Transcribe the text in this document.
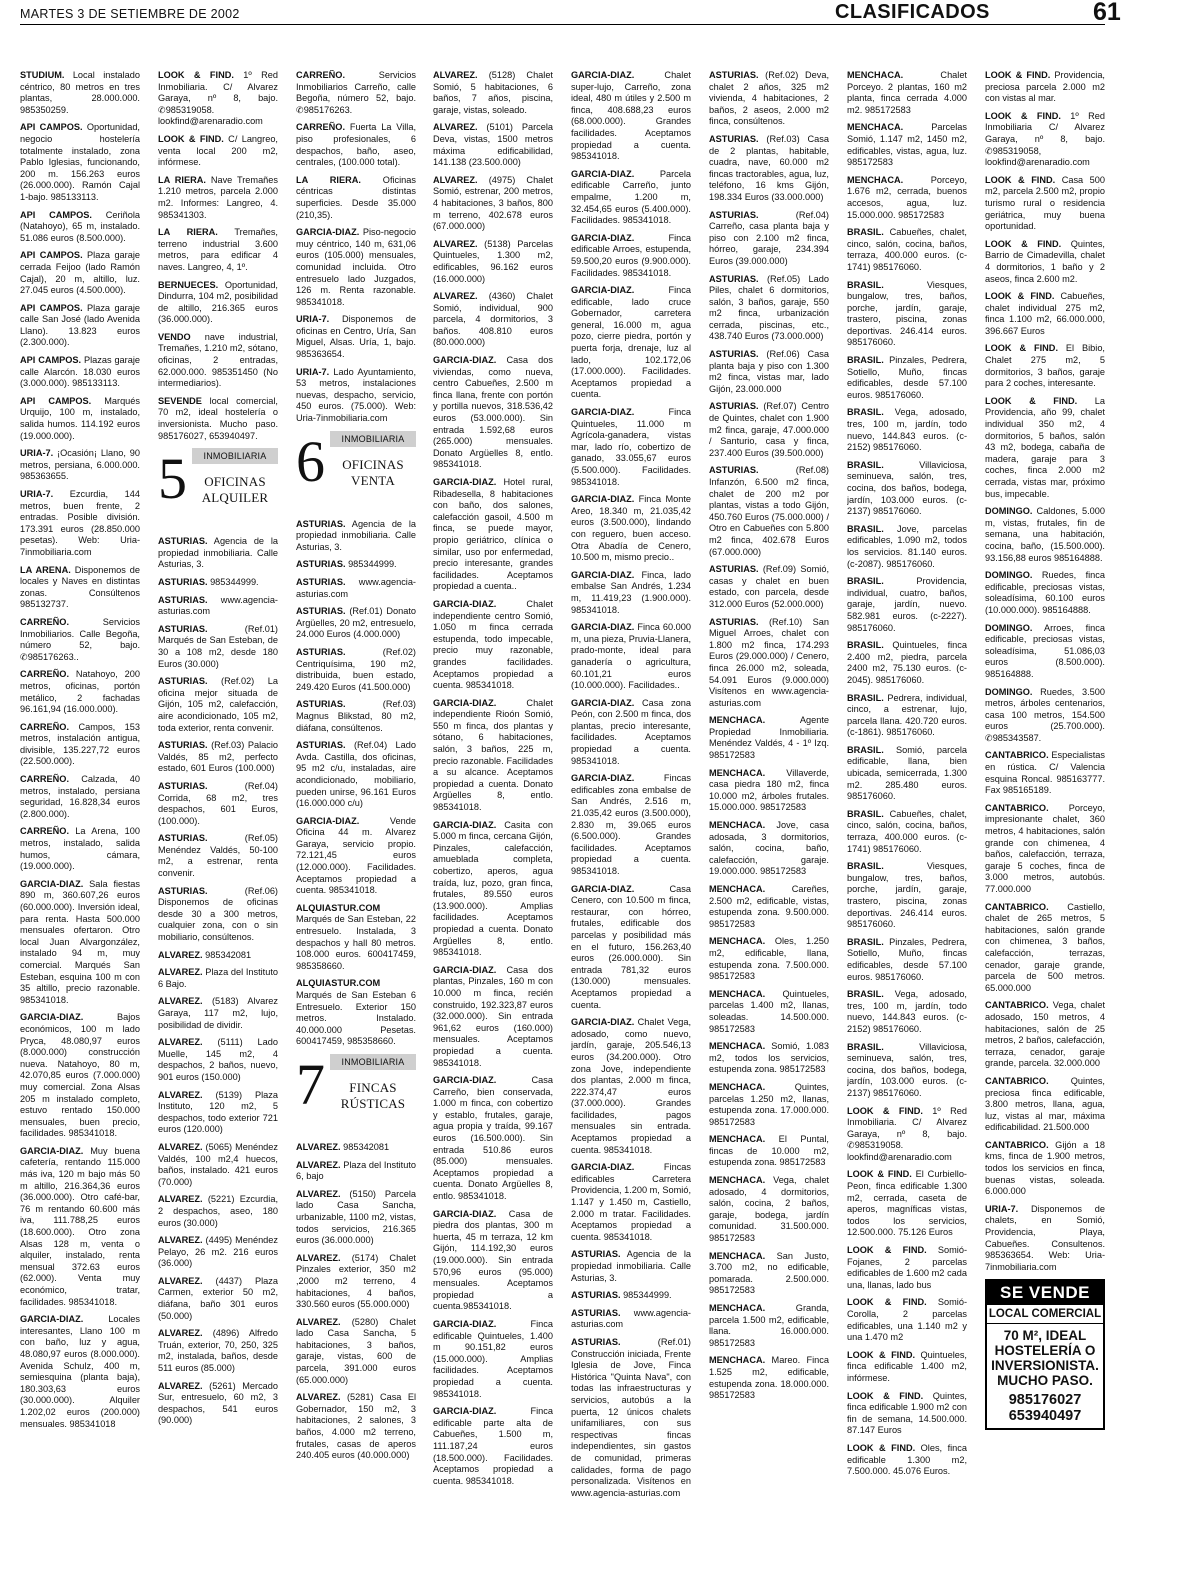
MARTES 3 DE SETIEMBRE DE 2002	CLASIFICADOS	61

STUDIUM. Local instalado céntrico, 80 metros en tres plantas, 28.000.000. 985350259.

API CAMPOS. Oportunidad, negocio hostelería totalmente instalado, zona Pablo Iglesias, funcionando, 200 m. 156.263 euros (26.000.000). Ramón Cajal 1-bajo. 985133113.

API CAMPOS. Ceriñola (Natahoyo), 65 m, instalado. 51.086 euros (8.500.000).

API CAMPOS. Plaza garaje cerrada Feijoo (lado Ramón Cajal), 20 m, altillo, luz. 27.045 euros (4.500.000).

API CAMPOS. Plaza garaje calle San José (lado Avenida Llano). 13.823 euros (2.300.000).

API CAMPOS. Plazas garaje calle Alarcón. 18.030 euros (3.000.000). 985133113.

API CAMPOS. Marqués Urquijo, 100 m, instalado, salida humos. 114.192 euros (19.000.000).

URIA-7. ¡Ocasión¡ Llano, 90 metros, persiana, 6.000.000. 985363655.

URIA-7. Ezcurdia, 144 metros, buen frente, 2 entradas. Posible división. 173.391 euros (28.850.000 pesetas). Web: Uria-7inmobiliaria.com

LA ARENA. Disponemos de locales y Naves en distintas zonas. Consúltenos 985132737.

CARREÑO. Servicios Inmobiliarios. Calle Begoña, número 52, bajo. ✆985176263..

CARREÑO. Natahoyo, 200 metros, oficinas, portón metálico, 2 fachadas 96.161,94 (16.000.000).

CARREÑO. Campos, 153 metros, instalación antigua, divisible, 135.227,72 euros (22.500.000).

CARREÑO. Calzada, 40 metros, instalado, persiana seguridad, 16.828,34 euros (2.800.000).

CARREÑO. La Arena, 100 metros, instalado, salida humos, cámara, (19.000.000).

GARCIA-DIAZ. Sala fiestas 890 m, 360.607,26 euros (60.000.000). Inversión ideal, para renta. Hasta 500.000 mensuales ofertaron. Otro local Juan Alvargonzález, instalado 94 m, muy comercial. Marqués San Esteban, esquina 100 m con 35 altillo, precio razonable. 985341018.

GARCIA-DIAZ. Bajos económicos, 100 m lado Pryca, 48.080,97 euros (8.000.000) construcción nueva. Natahoyo, 80 m, 42.070,85 euros (7.000.000) muy comercial. Zona Alsas 205 m instalado completo, estuvo rentado 150.000 mensuales, buen precio, facilidades. 985341018.

GARCIA-DIAZ. Muy buena cafetería, rentando 115.000 más iva, 120 m bajo más 50 m altillo, 216.364,36 euros (36.000.000). Otro café-bar, 76 m rentando 60.600 más iva, 111.788,25 euros (18.600.000). Otro zona Alsas 128 m, venta o alquiler, instalado, renta mensual 372.63 euros (62.000). Venta muy económico, tratar, facilidades. 985341018.

GARCIA-DIAZ. Locales interesantes, Llano 100 m con baño, luz y agua, 48.080,97 euros (8.000.000). Avenida Schulz, 400 m, semiesquina (planta baja), 180.303,63 euros (30.000.000). Alquiler 1.202,02 euros (200.000) mensuales. 985341018

LOOK & FIND. 1º Red Inmobiliaria. C/ Alvarez Garaya, nº 8, bajo. ✆985319058. lookfind@arenaradio.com

LOOK & FIND. C/ Langreo, venta local 200 m2, infórmese.

LA RIERA. Nave Tremañes 1.210 metros, parcela 2.000 m2. Informes: Langreo, 4. 985341303.

LA RIERA. Tremañes, terreno industrial 3.600 metros, para edificar 4 naves. Langreo, 4, 1º.

BERNUECES. Oportunidad, Dindurra, 104 m2, posibilidad de altillo, 216.365 euros (36.000.000).

VENDO nave industrial, Tremañes, 1.210 m2, sótano, oficinas, 2 entradas, 62.000.000. 985351450 (No intermediarios).

SEVENDE local comercial, 70 m2, ideal hostelería o inversionista. Mucho paso. 985176027, 653940497.

5	INMOBILIARIA
OFICINAS ALQUILER

ASTURIAS. Agencia de la propiedad inmobiliaria. Calle Asturias, 3.

ASTURIAS. 985344999.

ASTURIAS. www.agencia-asturias.com

ASTURIAS. (Ref.01) Marqués de San Esteban, de 30 a 108 m2, desde 180 Euros (30.000)

ASTURIAS. (Ref.02) La oficina mejor situada de Gijón, 105 m2, calefacción, aire acondicionado, 105 m2, toda exterior, renta convenir.

ASTURIAS. (Ref.03) Palacio Valdés, 85 m2, perfecto estado, 601 Euros (100.000)

ASTURIAS. (Ref.04) Corrida, 68 m2, tres despachos, 601 Euros, (100.000).

ASTURIAS. (Ref.05) Menéndez Valdés, 50-100 m2, a estrenar, renta convenir.

ASTURIAS. (Ref.06) Disponemos de oficinas desde 30 a 300 metros, cualquier zona, con o sin mobiliario, consúltenos.

ALVAREZ. 985342081

ALVAREZ. Plaza del Instituto 6 Bajo.

ALVAREZ. (5183) Alvarez Garaya, 117 m2, lujo, posibilidad de dividir.

ALVAREZ. (5111) Lado Muelle, 145 m2, 4 despachos, 2 baños, nuevo, 901 euros (150.000)

ALVAREZ. (5139) Plaza Instituto, 120 m2, 5 despachos, todo exterior 721 euros (120.000)

ALVAREZ. (5065) Menéndez Valdés, 100 m2,4 huecos, baños, instalado. 421 euros (70.000)

ALVAREZ. (5221) Ezcurdia, 2 despachos, aseo, 180 euros (30.000)

ALVAREZ. (4495) Menéndez Pelayo, 26 m2. 216 euros (36.000)

ALVAREZ. (4437) Plaza Carmen, exterior 50 m2, diáfana, baño 301 euros (50.000)

ALVAREZ. (4896) Alfredo Truán, exterior, 70, 250, 325 m2, instalada, baños, desde 511 euros (85.000)

ALVAREZ. (5261) Mercado Sur, entresuelo, 60 m2, 3 despachos, 541 euros (90.000)

CARREÑO. Servicios Inmobiliarios Carreño, calle Begoña, número 52, bajo. ✆985176263.

CARREÑO. Fuerta La Villa, piso profesionales, 6 despachos, baño, aseo, centrales, (100.000 total).

LA RIERA. Oficinas céntricas distintas superficies. Desde 35.000 (210,35).

GARCIA-DIAZ. Piso-negocio muy céntrico, 140 m, 631,06 euros (105.000) mensuales, comunidad incluida. Otro entresuelo lado Juzgados, 126 m. Renta razonable. 985341018.

URIA-7. Disponemos de oficinas en Centro, Uría, San Miguel, Alsas. Uría, 1, bajo. 985363654.

URIA-7. Lado Ayuntamiento, 53 metros, instalaciones nuevas, despacho, servicio, 450 euros. (75.000). Web: Uria-7inmobiliaria.com

6	INMOBILIARIA
OFICINAS VENTA

ASTURIAS. Agencia de la propiedad inmobiliaria. Calle Asturias, 3.

ASTURIAS. 985344999.

ASTURIAS. www.agencia-asturias.com

ASTURIAS. (Ref.01) Donato Argüelles, 20 m2, entresuelo, 24.000 Euros (4.000.000)

ASTURIAS. (Ref.02) Centriquísima, 190 m2, distribuida, buen estado, 249.420 Euros (41.500.000)

ASTURIAS. (Ref.03) Magnus Blikstad, 80 m2, diáfana, consúltenos.

ASTURIAS. (Ref.04) Lado Avda. Castilla, dos oficinas, 95 m2 c/u, instaladas, aire acondicionado, mobiliario, pueden unirse, 96.161 Euros (16.000.000 c/u)

GARCIA-DIAZ. Vende Oficina 44 m. Alvarez Garaya, servicio propio. 72.121,45 euros (12.000.000). Facilidades. Aceptamos propiedad a cuenta. 985341018.

ALQUIASTUR.COM Marqués de San Esteban, 22 entresuelo. Instalada, 3 despachos y hall 80 metros. 108.000 euros. 600417459, 985358660.

ALQUIASTUR.COM Marqués de San Esteban 6 Entresuelo. Exterior 150 metros. Instalado. 40.000.000 Pesetas. 600417459, 985358660.

7	INMOBILIARIA
FINCAS RÚSTICAS

ALVAREZ. 985342081

ALVAREZ. Plaza del Instituto 6, bajo

ALVAREZ. (5150) Parcela lado Casa Sancha, urbanizable, 1100 m2, vistas, todos servicios, 216.365 euros (36.000.000)

ALVAREZ. (5174) Chalet Pinzales exterior, 350 m2 ,2000 m2 terreno, 4 habitaciones, 4 baños, 330.560 euros (55.000.000)

ALVAREZ. (5280) Chalet lado Casa Sancha, 5 habitaciones, 3 baños, garaje, vistas, 600 de parcela, 391.000 euros (65.000.000)

ALVAREZ. (5281) Casa El Gobernador, 150 m2, 3 habitaciones, 2 salones, 3 baños, 4.000 m2 terreno, frutales, casas de aperos 240.405 euros (40.000.000)

ALVAREZ. (5128) Chalet Somió, 5 habitaciones, 6 baños, 7 años, piscina, garaje, vistas, soleado.

ALVAREZ. (5101) Parcela Deva, vistas, 1500 metros máxima edificabilidad, 141.138 (23.500.000)

ALVAREZ. (4975) Chalet Somió, estrenar, 200 metros, 4 habitaciones, 3 baños, 800 m terreno, 402.678 euros (67.000.000)

ALVAREZ. (5138) Parcelas Quintueles, 1.300 m2, edificables, 96.162 euros (16.000.000)

ALVAREZ. (4360) Chalet Somió, individual, 900 parcela, 4 dormitorios, 3 baños. 408.810 euros (80.000.000)

GARCIA-DIAZ. Casa dos viviendas, como nueva, centro Cabueñes, 2.500 m finca llana, frente con portón y portilla nuevos, 318.536,42 euros (53.000.000). Sin entrada 1.592,68 euros (265.000) mensuales. Donato Argüelles 8, entlo. 985341018.

GARCIA-DIAZ. Hotel rural, Ribadesella, 8 habitaciones con baño, dos salones, calefacción gasoil, 4.500 m finca, se puede mayor, propio geriátrico, clínica o similar, uso por enfermedad, precio interesante, grandes facilidades. Aceptamos propiedad a cuenta..

GARCIA-DIAZ. Chalet independiente centro Somió, 1.050 m finca cerrada estupenda, todo impecable, precio muy razonable, grandes facilidades. Aceptamos propiedad a cuenta. 985341018.

GARCIA-DIAZ. Chalet independiente Rioón Somió, 550 m finca, dos plantas y sótano, 6 habitaciones, salón, 3 baños, 225 m, precio razonable. Facilidades a su alcance. Aceptamos propiedad a cuenta. Donato Argüelles 8, entlo. 985341018.

GARCIA-DIAZ. Casita con 5.000 m finca, cercana Gijón, Pinzales, calefacción, amueblada completa, cobertizo, aperos, agua traída, luz, pozo, gran finca, frutales, 89.550 euros (13.900.000). Amplias facilidades. Aceptamos propiedad a cuenta. Donato Argüelles 8, entlo. 985341018.

GARCIA-DIAZ. Casa dos plantas, Pinzales, 160 m con 10.000 m finca, recién construido, 192.323,87 euros (32.000.000). Sin entrada 961,62 euros (160.000) mensuales. Aceptamos propiedad a cuenta. 985341018.

GARCIA-DIAZ. Casa Carreño, bien conservada, 1.000 m finca, con cobertizo y establo, frutales, garaje, agua propia y traída, 99.167 euros (16.500.000). Sin entrada 510.86 euros (85.000) mensuales. Aceptamos propiedad a cuenta. Donato Argüelles 8, entlo. 985341018.

GARCIA-DIAZ. Casa de piedra dos plantas, 300 m huerta, 45 m terraza, 12 km Gijón, 114.192,30 euros (19.000.000). Sin entrada 570,96 euros (95.000) mensuales. Aceptamos propiedad a cuenta.985341018.

GARCIA-DIAZ. Finca edificable Quintueles, 1.400 m 90.151,82 euros (15.000.000). Amplias facilidades. Aceptamos propiedad a cuenta. 985341018.

GARCIA-DIAZ. Finca edificable parte alta de Cabueñes, 1.500 m, 111.187,24 euros (18.500.000). Facilidades. Aceptamos propiedad a cuenta. 985341018.

GARCIA-DIAZ. Chalet super-lujo, Carreño, zona ideal, 480 m útiles y 2.500 m finca, 408.688,23 euros (68.000.000). Grandes facilidades. Aceptamos propiedad a cuenta. 985341018.

GARCIA-DIAZ. Parcela edificable Carreño, junto empalme, 1.200 m, 32.454,65 euros (5.400.000). Facilidades. 985341018.

GARCIA-DIAZ. Finca edificable Arroes, estupenda, 59.500,20 euros (9.900.000). Facilidades. 985341018.

GARCIA-DIAZ. Finca edificable, lado cruce Gobernador, carretera general, 16.000 m, agua pozo, cierre piedra, portón y puerta forja, drenaje, luz al lado, 102.172,06 (17.000.000). Facilidades. Aceptamos propiedad a cuenta.

GARCIA-DIAZ. Finca Quintueles, 11.000 m Agrícola-ganadera, vistas mar, lado río, cobertizo de ganado, 33.055,67 euros (5.500.000). Facilidades. 985341018.

GARCIA-DIAZ. Finca Monte Areo, 18.340 m, 21.035,42 euros (3.500.000), lindando con reguero, buen acceso. Otra Abadía de Cenero, 10.500 m, mismo precio..

GARCIA-DIAZ. Finca, lado embalse San Andrés, 1.234 m, 11.419,23 (1.900.000). 985341018.

GARCIA-DIAZ. Finca 60.000 m, una pieza, Pruvia-Llanera, prado-monte, ideal para ganadería o agricultura, 60.101,21 euros (10.000.000). Facilidades..

GARCIA-DIAZ. Casa zona Peón, con 2.500 m finca, dos plantas, precio interesante, facilidades. Aceptamos propiedad a cuenta. 985341018.

GARCIA-DIAZ. Fincas edificables zona embalse de San Andrés, 2.516 m, 21.035,42 euros (3.500.000), 2.830 m, 39.065 euros (6.500.000). Grandes facilidades. Aceptamos propiedad a cuenta. 985341018.

GARCIA-DIAZ. Casa Cenero, con 10.500 m finca, restaurar, con hórreo, frutales, edificable dos parcelas y posibilidad más en el futuro, 156.263,40 euros (26.000.000). Sin entrada 781,32 euros (130.000) mensuales. Aceptamos propiedad a cuenta.

GARCIA-DIAZ. Chalet Vega, adosado, como nuevo, jardín, garaje, 205.546,13 euros (34.200.000). Otro zona Jove, independiente dos plantas, 2.000 m finca, 222.374,47 euros (37.000.000). Grandes facilidades, pagos mensuales sin entrada. Aceptamos propiedad a cuenta. 985341018.

GARCIA-DIAZ. Fincas edificables Carretera Providencia, 1.200 m, Somió, 1.147 y 1.450 m, Castiello, 2.000 m tratar. Facilidades. Aceptamos propiedad a cuenta. 985341018.

ASTURIAS. Agencia de la propiedad inmobiliaria. Calle Asturias, 3.

ASTURIAS. 985344999.

ASTURIAS. www.agencia-asturias.com

ASTURIAS. (Ref.01) Construcción iniciada, Frente Iglesia de Jove, Finca Histórica "Quinta Nava", con todas las infraestructuras y servicios, autobús a la puerta, 12 únicos chalets unifamiliares, con sus respectivas fincas independientes, sin gastos de comunidad, primeras calidades, forma de pago personalizada. Visítenos en www.agencia-asturias.com

ASTURIAS. (Ref.02) Deva, chalet 2 años, 325 m2 vivienda, 4 habitaciones, 2 baños, 2 aseos, 2.000 m2 finca, consúltenos.

ASTURIAS. (Ref.03) Casa de 2 plantas, habitable, cuadra, nave, 60.000 m2 fincas tractorables, agua, luz, teléfono, 16 kms Gijón, 198.334 Euros (33.000.000)

ASTURIAS. (Ref.04) Carreño, casa planta baja y piso con 2.100 m2 finca, hórreo, garaje, 234.394 Euros (39.000.000)

ASTURIAS. (Ref.05) Lado Piles, chalet 6 dormitorios, salón, 3 baños, garaje, 550 m2 finca, urbanización cerrada, piscinas, etc., 438.740 Euros (73.000.000)

ASTURIAS. (Ref.06) Casa planta baja y piso con 1.300 m2 finca, vistas mar, lado Gijón, 23.000.000

ASTURIAS. (Ref.07) Centro de Quintes, chalet con 1.900 m2 finca, garaje, 47.000.000 / Santurio, casa y finca, 237.400 Euros (39.500.000)

ASTURIAS. (Ref.08) Infanzón, 6.500 m2 finca, chalet de 200 m2 por plantas, vistas a todo Gijón, 450.760 Euros (75.000.000) / Otro en Cabueñes con 5.800 m2 finca, 402.678 Euros (67.000.000)

ASTURIAS. (Ref.09) Somió, casas y chalet en buen estado, con parcela, desde 312.000 Euros (52.000.000)

ASTURIAS. (Ref.10) San Miguel Arroes, chalet con 1.800 m2 finca, 174.293 Euros (29.000.000) / Cenero, finca 26.000 m2, soleada, 54.091 Euros (9.000.000) Visítenos en www.agencia-asturias.com

MENCHACA. Agente Propiedad Inmobiliaria. Menéndez Valdés, 4 - 1º Izq. 985172583

MENCHACA. Villaverde, casa piedra 180 m2, finca 10.000 m2, árboles frutales. 15.000.000. 985172583

MENCHACA. Jove, casa adosada, 3 dormitorios, salón, cocina, baño, calefacción, garaje. 19.000.000. 985172583

MENCHACA. Careñes, 2.500 m2, edificable, vistas, estupenda zona. 9.500.000. 985172583

MENCHACA. Oles, 1.250 m2, edificable, llana, estupenda zona. 7.500.000. 985172583

MENCHACA. Quintueles, parcelas 1.400 m2, llanas, soleadas. 14.500.000. 985172583

MENCHACA. Somió, 1.083 m2, todos los servicios, estupenda zona. 985172583

MENCHACA. Quintes, parcelas 1.250 m2, llanas, estupenda zona. 17.000.000. 985172583

MENCHACA. El Puntal, fincas de 10.000 m2, estupenda zona. 985172583

MENCHACA. Vega, chalet adosado, 4 dormitorios, salón, cocina, 2 baños, garaje, bodega, jardín comunidad. 31.500.000. 985172583

MENCHACA. San Justo, 3.700 m2, no edificable, pomarada. 2.500.000. 985172583

MENCHACA. Granda, parcela 1.500 m2, edificable, llana. 16.000.000. 985172583

MENCHACA. Mareo. Finca 1.525 m2, edificable, estupenda zona. 18.000.000. 985172583

MENCHACA. Chalet Porceyo. 2 plantas, 160 m2 planta, finca cerrada 4.000 m2. 985172583

MENCHACA. Parcelas Somió, 1.147 m2, 1450 m2, edificables, vistas, agua, luz. 985172583

MENCHACA. Porceyo, 1.676 m2, cerrada, buenos accesos, agua, luz. 15.000.000. 985172583

BRASIL. Cabueñes, chalet, cinco, salón, cocina, baños, terraza, 400.000 euros. (c-1741) 985176060.

BRASIL. Viesques, bungalow, tres, baños, porche, jardín, garaje, trastero, piscina, zonas deportivas. 246.414 euros. 985176060.

BRASIL. Pinzales, Pedrera, Sotiello, Muño, fincas edificables, desde 57.100 euros. 985176060.

BRASIL. Vega, adosado, tres, 100 m, jardín, todo nuevo, 144.843 euros. (c-2152) 985176060.

BRASIL. Villaviciosa, seminueva, salón, tres, cocina, dos baños, bodega, jardín, 103.000 euros. (c-2137) 985176060.

BRASIL. Jove, parcelas edificables, 1.090 m2, todos los servicios. 81.140 euros. (c-2087). 985176060.

BRASIL. Providencia, individual, cuatro, baños, garaje, jardín, nuevo. 582.981 euros. (c-2227). 985176060.

BRASIL. Quintueles, finca 2.400 m2, piedra, parcela 2400 m2, 75.130 euros. (c-2045). 985176060.

BRASIL. Pedrera, individual, cinco, a estrenar, lujo, parcela llana. 420.720 euros. (c-1861). 985176060.

BRASIL. Somió, parcela edificable, llana, bien ubicada, semicerrada, 1.300 m2. 285.480 euros. 985176060.

BRASIL. Cabueñes, chalet, cinco, salón, cocina, baños, terraza, 400.000 euros. (c-1741) 985176060.

BRASIL. Viesques, bungalow, tres, baños, porche, jardín, garaje, trastero, piscina, zonas deportivas. 246.414 euros. 985176060.

BRASIL. Pinzales, Pedrera, Sotiello, Muño, fincas edificables, desde 57.100 euros. 985176060.

BRASIL. Vega, adosado, tres, 100 m, jardín, todo nuevo, 144.843 euros. (c-2152) 985176060.

BRASIL. Villaviciosa, seminueva, salón, tres, cocina, dos baños, bodega, jardín, 103.000 euros. (c-2137) 985176060.

LOOK & FIND. 1º Red Inmobiliaria. C/ Alvarez Garaya, nº 8, bajo. ✆985319058. lookfind@arenaradio.com

LOOK & FIND. El Curbiello-Peon, finca edificable 1.300 m2, cerrada, caseta de aperos, magníficas vistas, todos los servicios, 12.500.000. 75.126 Euros

LOOK & FIND. Somió-Fojanes, 2 parcelas edificables de 1.600 m2 cada una, llanas, lado bus

LOOK & FIND. Somió-Corolla, 2 parcelas edificables, una 1.140 m2 y una 1.470 m2

LOOK & FIND. Quintueles, finca edificable 1.400 m2, infórmese.

LOOK & FIND. Quintes, finca edificable 1.900 m2 con fin de semana, 14.500.000. 87.147 Euros

LOOK & FIND. Oles, finca edificable 1.300 m2, 7.500.000. 45.076 Euros.

LOOK & FIND. Providencia, preciosa parcela 2.000 m2 con vistas al mar.

LOOK & FIND. 1º Red Inmobiliaria C/ Alvarez Garaya, nº 8, bajo. ✆985319058, lookfind@arenaradio.com

LOOK & FIND. Casa 500 m2, parcela 2.500 m2, propio turismo rural o residencia geriátrica, muy buena oportunidad.

LOOK & FIND. Quintes, Barrio de Cimadevilla, chalet 4 dormitorios, 1 baño y 2 aseos, finca 2.600 m2.

LOOK & FIND. Cabueñes, chalet individual 275 m2, finca 1.100 m2, 66.000.000, 396.667 Euros

LOOK & FIND. El Bibio, Chalet 275 m2, 5 dormitorios, 3 baños, garaje para 2 coches, interesante.

LOOK & FIND. La Providencia, año 99, chalet individual 350 m2, 4 dormitorios, 5 baños, salón 43 m2, bodega, cabaña de madera, garaje para 3 coches, finca 2.000 m2 cerrada, vistas mar, próximo bus, impecable.

DOMINGO. Caldones, 5.000 m, vistas, frutales, fin de semana, una habitación, cocina, baño, (15.500.000). 93.156,88 euros 985164888.

DOMINGO. Ruedes, finca edificable, preciosas vistas, soleadísima, 60.100 euros (10.000.000). 985164888.

DOMINGO. Arroes, finca edificable, preciosas vistas, soleadísima, 51.086,03 euros (8.500.000). 985164888.

DOMINGO. Ruedes, 3.500 metros, árboles centenarios, casa 100 metros, 154.500 euros (25.700.000). ✆985343587.

CANTABRICO. Especialistas en rústica. C/ Valencia esquina Roncal. 985163777. Fax 985165189.

CANTABRICO. Porceyo, impresionante chalet, 360 metros, 4 habitaciones, salón grande con chimenea, 4 baños, calefacción, terraza, garaje 5 coches, finca de 3.000 metros, autobús. 77.000.000

CANTABRICO. Castiello, chalet de 265 metros, 5 habitaciones, salón grande con chimenea, 3 baños, calefacción, terrazas, cenador, garaje grande, parcela de 500 metros. 65.000.000

CANTABRICO. Vega, chalet adosado, 150 metros, 4 habitaciones, salón de 25 metros, 2 baños, calefacción, terraza, cenador, garaje grande, parcela. 32.000.000

CANTABRICO. Quintes, preciosa finca edificable, 3.800 metros, llana, agua, luz, vistas al mar, máxima edificabilidad. 21.500.000

CANTABRICO. Gijón a 18 kms, finca de 1.900 metros, todos los servicios en finca, buenas vistas, soleada. 6.000.000

URIA-7. Disponemos de chalets, en Somió, Providencia, Playa, Cabueñes. Consultenos. 985363654. Web: Uria-7inmobiliaria.com

SE VENDE
LOCAL COMERCIAL
70 M², IDEAL HOSTELERÍA O INVERSIONISTA. MUCHO PASO.
985176027
653940497
